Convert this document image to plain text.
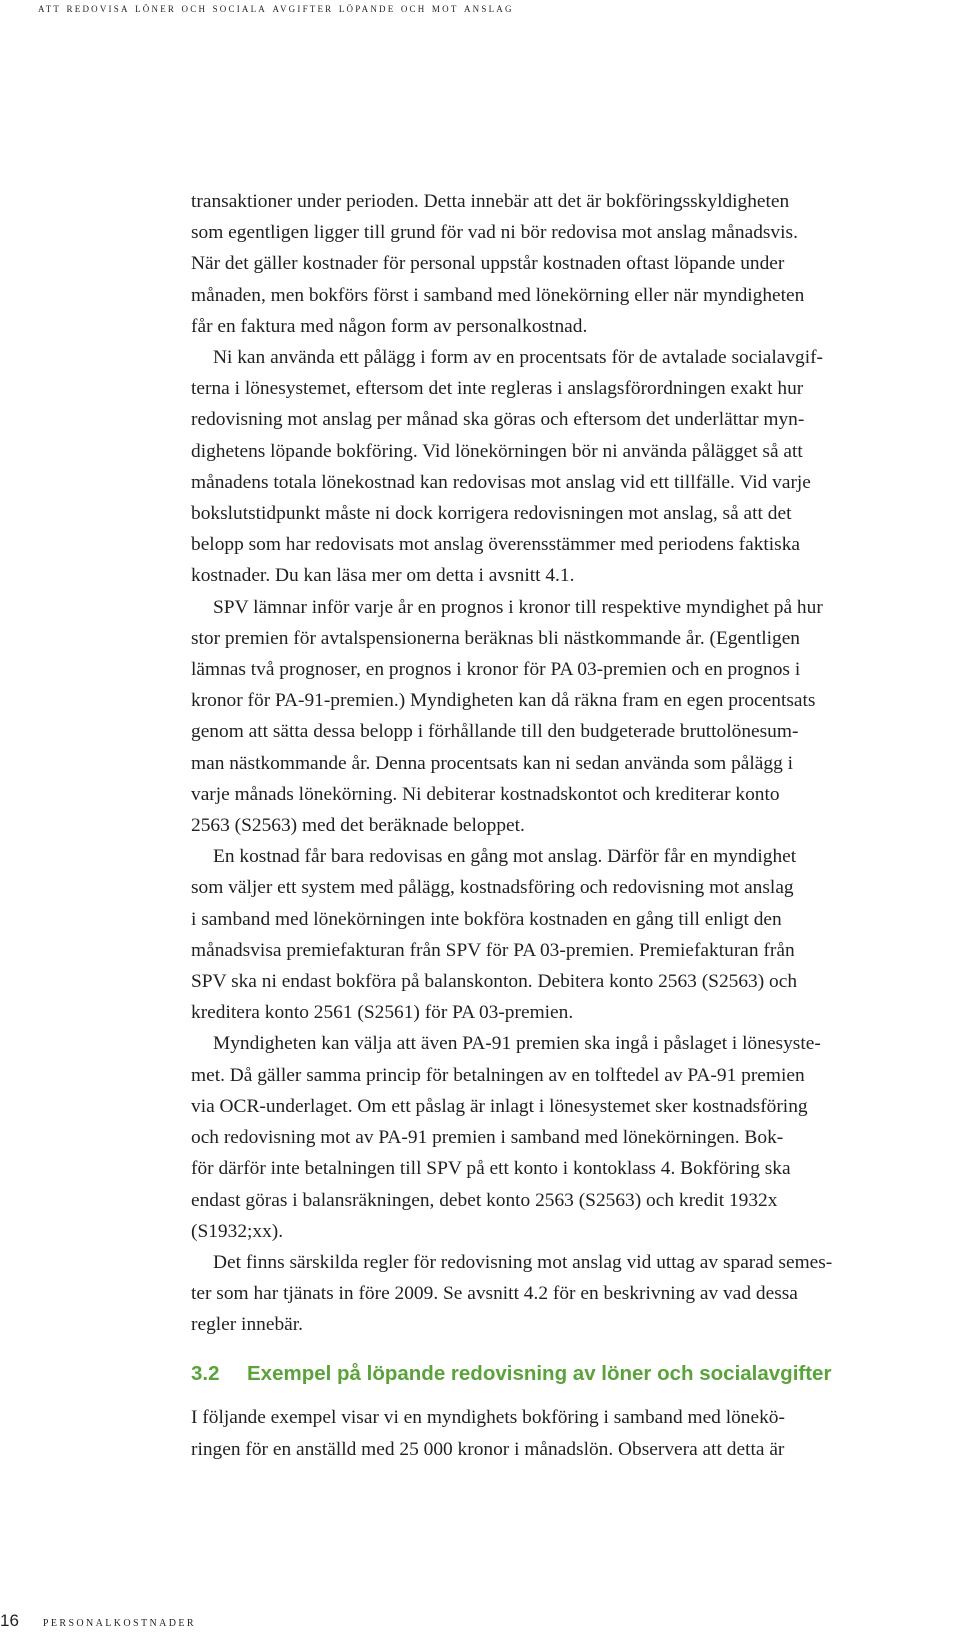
att redovisa löner och sociala avgifter löpande och mot anslag

transaktioner under perioden. Detta innebär att det är bokföringsskyldigheten
som egentligen ligger till grund för vad ni bör redovisa mot anslag månadsvis.
När det gäller kostnader för personal uppstår kostnaden oftast löpande under
månaden, men bokförs först i samband med lönekörning eller när myndigheten
får en faktura med någon form av personalkostnad.

Ni kan använda ett pålägg i form av en procentsats för de avtalade socialavgif-
terna i lönesystemet, eftersom det inte regleras i anslagsförordningen exakt hur
redovisning mot anslag per månad ska göras och eftersom det underlättar myn-
dighetens löpande bokföring. Vid lönekörningen bör ni använda pålägget så att
månadens totala lönekostnad kan redovisas mot anslag vid ett tillfälle. Vid varje
bokslutstidpunkt måste ni dock korrigera redovisningen mot anslag, så att det
belopp som har redovisats mot anslag överensstämmer med periodens faktiska
kostnader. Du kan läsa mer om detta i avsnitt 4.1.

SPV lämnar inför varje år en prognos i kronor till respektive myndighet på hur
stor premien för avtalspensionerna beräknas bli nästkommande år. (Egentligen
lämnas två prognoser, en prognos i kronor för PA 03-premien och en prognos i
kronor för PA-91-premien.) Myndigheten kan då räkna fram en egen procentsats
genom att sätta dessa belopp i förhållande till den budgeterade bruttolönesum-
man nästkommande år. Denna procentsats kan ni sedan använda som pålägg i
varje månads lönekörning. Ni debiterar kostnadskontot och krediterar konto
2563 (S2563) med det beräknade beloppet.

En kostnad får bara redovisas en gång mot anslag. Därför får en myndighet
som väljer ett system med pålägg, kostnadsföring och redovisning mot anslag
i samband med lönekörningen inte bokföra kostnaden en gång till enligt den
månadsvisa premiefakturan från SPV för PA 03-premien. Premiefakturan från
SPV ska ni endast bokföra på balanskonton. Debitera konto 2563 (S2563) och
kreditera konto 2561 (S2561) för PA 03-premien.

Myndigheten kan välja att även PA-91 premien ska ingå i påslaget i lönesyste-
met. Då gäller samma princip för betalningen av en tolftedel av PA-91 premien
via OCR-underlaget. Om ett påslag är inlagt i lönesystemet sker kostnadsföring
och redovisning mot av PA-91 premien i samband med lönekörningen. Bok-
för därför inte betalningen till SPV på ett konto i kontoklass 4. Bokföring ska
endast göras i balansräkningen, debet konto 2563 (S2563) och kredit 1932x
(S1932;xx).

Det finns särskilda regler för redovisning mot anslag vid uttag av sparad semes-
ter som har tjänats in före 2009. Se avsnitt 4.2 för en beskrivning av vad dessa
regler innebär.

3.2 Exempel på löpande redovisning av löner och socialavgifter
I följande exempel visar vi en myndighets bokföring i samband med lönekö-
ringen för en anställd med 25 000 kronor i månadslön. Observera att detta är
16 personalkostnader
